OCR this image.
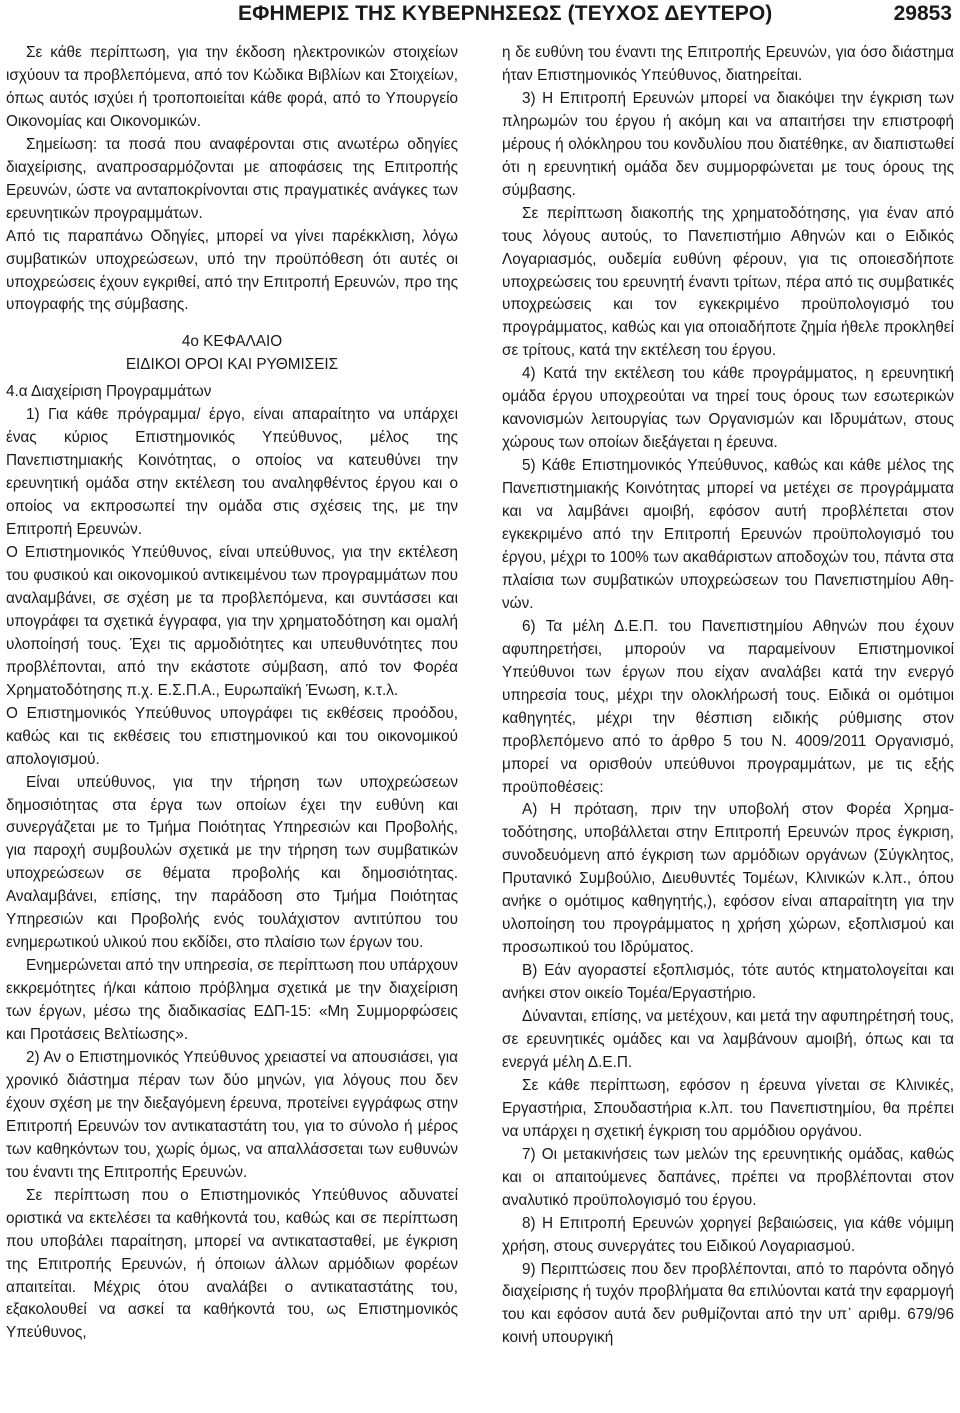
ΕΦΗΜΕΡΙΣ ΤΗΣ ΚΥΒΕΡΝΗΣΕΩΣ (ΤΕΥΧΟΣ ΔΕΥΤΕΡΟ)	29853

Σε κάθε περίπτωση, για την έκδοση ηλεκτρονικών στοιχείων ισχύουν τα προβλεπόμενα, από τον Κώδικα Βιβλίων και Στοιχείων, όπως αυτός ισχύει ή τροποποιείται κάθε φορά, από το Υπουργείο Οικονομίας και Οικονομικών.

Σημείωση: τα ποσά που αναφέρονται στις ανωτέρω οδηγίες διαχείρισης, αναπροσαρμόζονται με αποφάσεις της Επιτροπής Ερευνών, ώστε να ανταποκρίνονται στις πραγματικές ανάγκες των ερευνητικών προγραμμάτων.

Από τις παραπάνω Οδηγίες, μπορεί να γίνει παρέκκλιση, λόγω συμβατικών υποχρεώσεων, υπό την προϋπόθεση ότι αυτές οι υποχρεώσεις έχουν εγκριθεί, από την Επιτροπή Ερευνών, προ της υπογραφής της σύμβασης.

4ο ΚΕΦΑΛΑΙΟ
ΕΙΔΙΚΟΙ ΟΡΟΙ ΚΑΙ ΡΥΘΜΙΣΕΙΣ

4.α Διαχείριση Προγραμμάτων

1) Για κάθε πρόγραμμα/ έργο, είναι απαραίτητο να υπάρχει ένας κύριος Επιστημονικός Υπεύθυνος, μέλος της Πανεπιστημιακής Κοινότητας, ο οποίος να κατευθύνει την ερευνητική ομάδα στην εκτέλεση του αναληφθέντος έργου και ο οποίος να εκπροσωπεί την ομάδα στις σχέσεις της, με την Επιτροπή Ερευνών.

Ο Επιστημονικός Υπεύθυνος, είναι υπεύθυνος, για την εκτέλεση του φυσικού και οικονομικού αντικειμένου των προγραμμάτων που αναλαμβάνει, σε σχέση με τα προβλεπόμενα, και συντάσσει και υπογράφει τα σχετικά έγγραφα, για την χρηματοδότηση και ομαλή υλοποίησή τους. Έχει τις αρμοδιότητες και υπευθυνότητες που προβλέπονται, από την εκάστοτε σύμβαση, από τον Φορέα Χρηματοδότησης π.χ. Ε.Σ.Π.Α., Ευρωπαϊκή Ένωση, κ.τ.λ.

Ο Επιστημονικός Υπεύθυνος υπογράφει τις εκθέσεις προόδου, καθώς και τις εκθέσεις του επιστημονικού και του οικονομικού απολογισμού.

Είναι υπεύθυνος, για την τήρηση των υποχρεώσεων δημοσιότητας στα έργα των οποίων έχει την ευθύνη και συνεργάζεται με το Τμήμα Ποιότητας Υπηρεσιών και Προβολής, για παροχή συμβουλών σχετικά με την τήρηση των συμβατικών υποχρεώσεων σε θέματα προβολής και δημοσιότητας. Αναλαμβάνει, επίσης, την παράδοση στο Τμήμα Ποιότητας Υπηρεσιών και Προβολής ενός τουλάχιστον αντιτύπου του ενημερωτικού υλικού που εκδίδει, στο πλαίσιο των έργων του.

Ενημερώνεται από την υπηρεσία, σε περίπτωση που υπάρχουν εκκρεμότητες ή/και κάποιο πρόβλημα σχετικά με την διαχείριση των έργων, μέσω της διαδικασίας ΕΔΠ-15: «Μη Συμμορφώσεις και Προτάσεις Βελτίωσης».

2) Αν ο Επιστημονικός Υπεύθυνος χρειαστεί να απουσιάσει, για χρονικό διάστημα πέραν των δύο μηνών, για λόγους που δεν έχουν σχέση με την διεξαγόμενη έρευνα, προτείνει εγγράφως στην Επιτροπή Ερευνών τον αντικαταστάτη του, για το σύνολο ή μέρος των καθηκόντων του, χωρίς όμως, να απαλλάσσεται των ευθυνών του έναντι της Επιτροπής Ερευνών.

Σε περίπτωση που ο Επιστημονικός Υπεύθυνος αδυνατεί οριστικά να εκτελέσει τα καθήκοντά του, καθώς και σε περίπτωση που υποβάλει παραίτηση, μπορεί να αντικατασταθεί, με έγκριση της Επιτροπής Ερευνών, ή όποιων άλλων αρμόδιων φορέων απαιτείται. Μέχρις ότου αναλάβει ο αντικαταστάτης του, εξακολουθεί να ασκεί τα καθήκοντά του, ως Επιστημονικός Υπεύθυνος,

η δε ευθύνη του έναντι της Επιτροπής Ερευνών, για όσο διάστημα ήταν Επιστημονικός Υπεύθυνος, διατηρείται.

3) Η Επιτροπή Ερευνών μπορεί να διακόψει την έγκριση των πληρωμών του έργου ή ακόμη και να απαιτήσει την επιστροφή μέρους ή ολόκληρου του κονδυλίου που διατέθηκε, αν διαπιστωθεί ότι η ερευνητική ομάδα δεν συμμορφώνεται με τους όρους της σύμβασης.

Σε περίπτωση διακοπής της χρηματοδότησης, για έναν από τους λόγους αυτούς, το Πανεπιστήμιο Αθηνών και ο Ειδικός Λογαριασμός, ουδεμία ευθύνη φέρουν, για τις οποιεσδήποτε υποχρεώσεις του ερευνητή έναντι τρίτων, πέρα από τις συμβατικές υποχρεώσεις και τον εγκεκριμένο προϋπολογισμό του προγράμματος, καθώς και για οποιαδήποτε ζημία ήθελε προκληθεί σε τρίτους, κατά την εκτέλεση του έργου.

4) Κατά την εκτέλεση του κάθε προγράμματος, η ερευνητική ομάδα έργου υποχρεούται να τηρεί τους όρους των εσωτερικών κανονισμών λειτουργίας των Οργανισμών και Ιδρυμάτων, στους χώρους των οποίων διεξάγεται η έρευνα.

5) Κάθε Επιστημονικός Υπεύθυνος, καθώς και κάθε μέλος της Πανεπιστημιακής Κοινότητας μπορεί να μετέχει σε προγράμματα και να λαμβάνει αμοιβή, εφόσον αυτή προβλέπεται στον εγκεκριμένο από την Επιτροπή Ερευνών προϋπολογισμό του έργου, μέχρι το 100% των ακαθάριστων αποδοχών του, πάντα στα πλαίσια των συμβατικών υποχρεώσεων του Πανεπιστημίου Αθηνών.

6) Τα μέλη Δ.Ε.Π. του Πανεπιστημίου Αθηνών που έχουν αφυπηρετήσει, μπορούν να παραμείνουν Επιστημονικοί Υπεύθυνοι των έργων που είχαν αναλάβει κατά την ενεργό υπηρεσία τους, μέχρι την ολοκλήρωσή τους. Ειδικά οι ομότιμοι καθηγητές, μέχρι την θέσπιση ειδικής ρύθμισης στον προβλεπόμενο από το άρθρο 5 του Ν. 4009/2011 Οργανισμό, μπορεί να ορισθούν υπεύθυνοι προγραμμάτων, με τις εξής προϋποθέσεις:

Α) Η πρόταση, πριν την υποβολή στον Φορέα Χρηματοδότησης, υποβάλλεται στην Επιτροπή Ερευνών προς έγκριση, συνοδευόμενη από έγκριση των αρμόδιων οργάνων (Σύγκλητος, Πρυτανικό Συμβούλιο, Διευθυντές Τομέων, Κλινικών κ.λπ., όπου ανήκε ο ομότιμος καθηγητής,), εφόσον είναι απαραίτητη για την υλοποίηση του προγράμματος η χρήση χώρων, εξοπλισμού και προσωπικού του Ιδρύματος.

Β) Εάν αγοραστεί εξοπλισμός, τότε αυτός κτηματολογείται και ανήκει στον οικείο Τομέα/Εργαστήριο.

Δύνανται, επίσης, να μετέχουν, και μετά την αφυπηρέτησή τους, σε ερευνητικές ομάδες και να λαμβάνουν αμοιβή, όπως και τα ενεργά μέλη Δ.Ε.Π.

Σε κάθε περίπτωση, εφόσον η έρευνα γίνεται σε Κλινικές, Εργαστήρια, Σπουδαστήρια κ.λπ. του Πανεπιστημίου, θα πρέπει να υπάρχει η σχετική έγκριση του αρμόδιου οργάνου.

7) Οι μετακινήσεις των μελών της ερευνητικής ομάδας, καθώς και οι απαιτούμενες δαπάνες, πρέπει να προβλέπονται στον αναλυτικό προϋπολογισμό του έργου.

8) Η Επιτροπή Ερευνών χορηγεί βεβαιώσεις, για κάθε νόμιμη χρήση, στους συνεργάτες του Ειδικού Λογαριασμού.

9) Περιπτώσεις που δεν προβλέπονται, από το παρόντα οδηγό διαχείρισης ή τυχόν προβλήματα θα επιλύονται κατά την εφαρμογή του και εφόσον αυτά δεν ρυθμίζονται από την υπ᾽ αριθμ. 679/96 κοινή υπουργική
